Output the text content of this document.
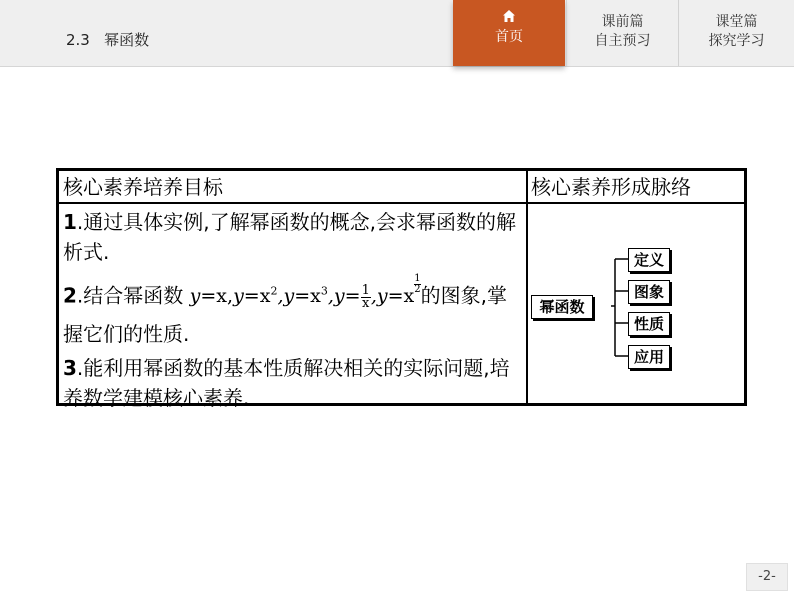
2.3   幂函数	首页
课前篇
自主预习
课堂篇
探究学习
核心素养培养目标	核心素养形成脉络

1.通过具体实例,了解幂函数的概念,会求幂函数的解析式.

2.结合幂函数 $y=x,y=x^2,y=x^3,y= \frac{1}{x} ,y=x$
$\frac{1}{2}$ 的图象,掌握它们的性质.

3.能利用幂函数的基本性质解决相关的实际问题,培养数学建模核心素养.

幂函数
定义
图象
性质
应用
-2-
